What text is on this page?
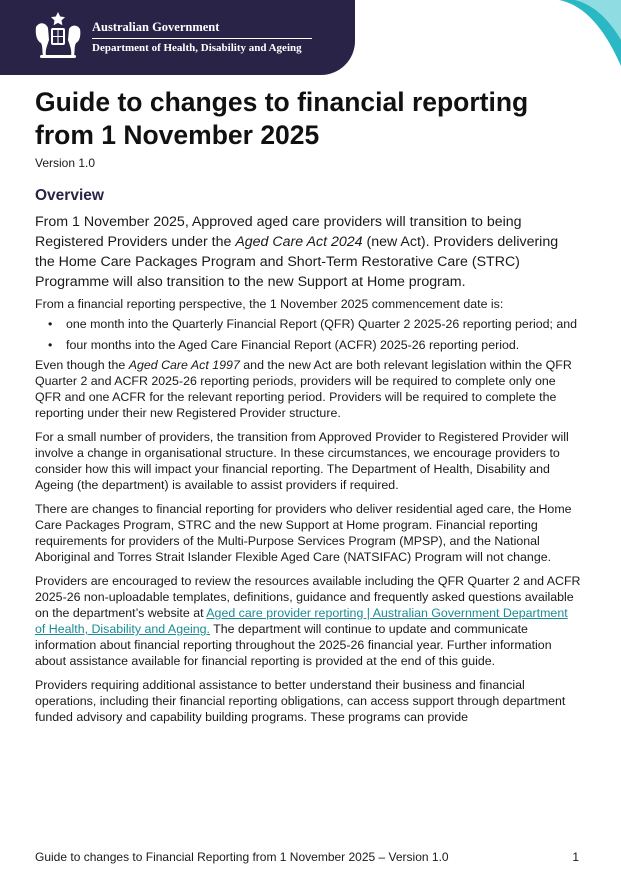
Australian Government
Department of Health, Disability and Ageing
Guide to changes to financial reporting from 1 November 2025
Version 1.0
Overview

From 1 November 2025, Approved aged care providers will transition to being Registered Providers under the Aged Care Act 2024 (new Act). Providers delivering the Home Care Packages Program and Short-Term Restorative Care (STRC) Programme will also transition to the new Support at Home program.

From a financial reporting perspective, the 1 November 2025 commencement date is:

• one month into the Quarterly Financial Report (QFR) Quarter 2 2025-26 reporting period; and
• four months into the Aged Care Financial Report (ACFR) 2025-26 reporting period.

Even though the Aged Care Act 1997 and the new Act are both relevant legislation within the QFR Quarter 2 and ACFR 2025-26 reporting periods, providers will be required to complete only one QFR and one ACFR for the relevant reporting period. Providers will be required to complete the reporting under their new Registered Provider structure.

For a small number of providers, the transition from Approved Provider to Registered Provider will involve a change in organisational structure. In these circumstances, we encourage providers to consider how this will impact your financial reporting. The Department of Health, Disability and Ageing (the department) is available to assist providers if required.

There are changes to financial reporting for providers who deliver residential aged care, the Home Care Packages Program, STRC and the new Support at Home program. Financial reporting requirements for providers of the Multi-Purpose Services Program (MPSP), and the National Aboriginal and Torres Strait Islander Flexible Aged Care (NATSIFAC) Program will not change.

Providers are encouraged to review the resources available including the QFR Quarter 2 and ACFR 2025-26 non-uploadable templates, definitions, guidance and frequently asked questions available on the department’s website at Aged care provider reporting | Australian Government Department of Health, Disability and Ageing. The department will continue to update and communicate information about financial reporting throughout the 2025-26 financial year. Further information about assistance available for financial reporting is provided at the end of this guide.

Providers requiring additional assistance to better understand their business and financial operations, including their financial reporting obligations, can access support through department funded advisory and capability building programs. These programs can provide

Guide to changes to Financial Reporting from 1 November 2025 – Version 1.0	1
